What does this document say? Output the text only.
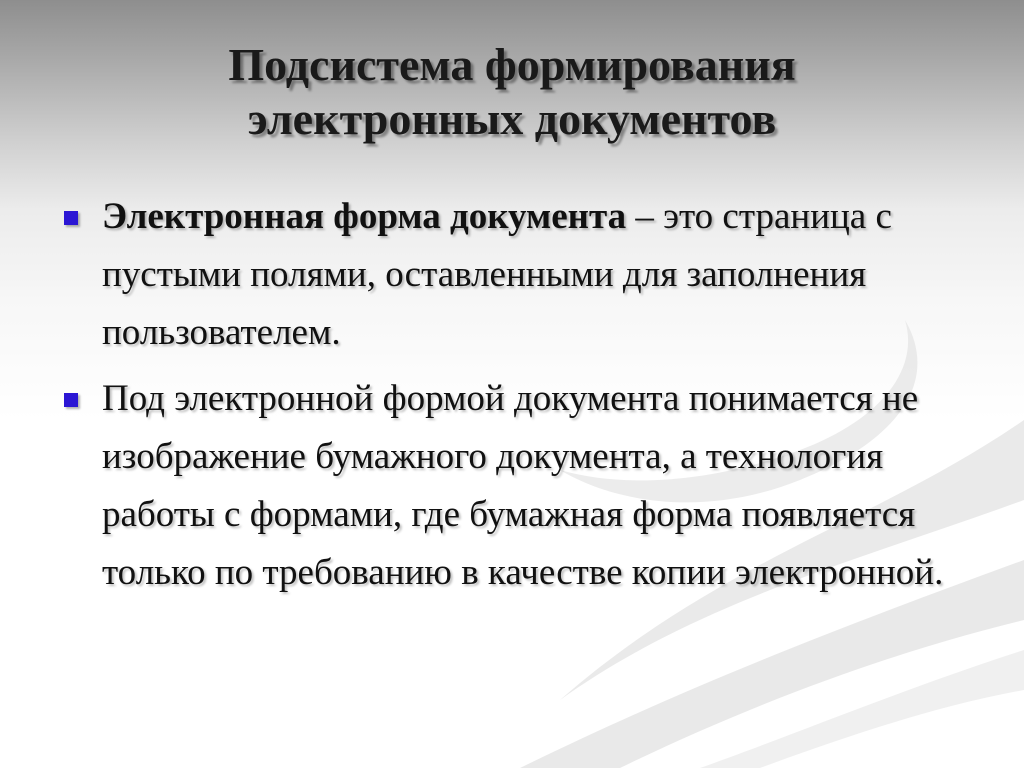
Подсистема формирования
электронных документов
Электронная форма документа – это страница с пустыми полями, оставленными для заполнения пользователем.
Под электронной формой документа понимается не изображение бумажного документа, а технология работы с формами, где бумажная форма появляется только по требованию в качестве копии электронной.
